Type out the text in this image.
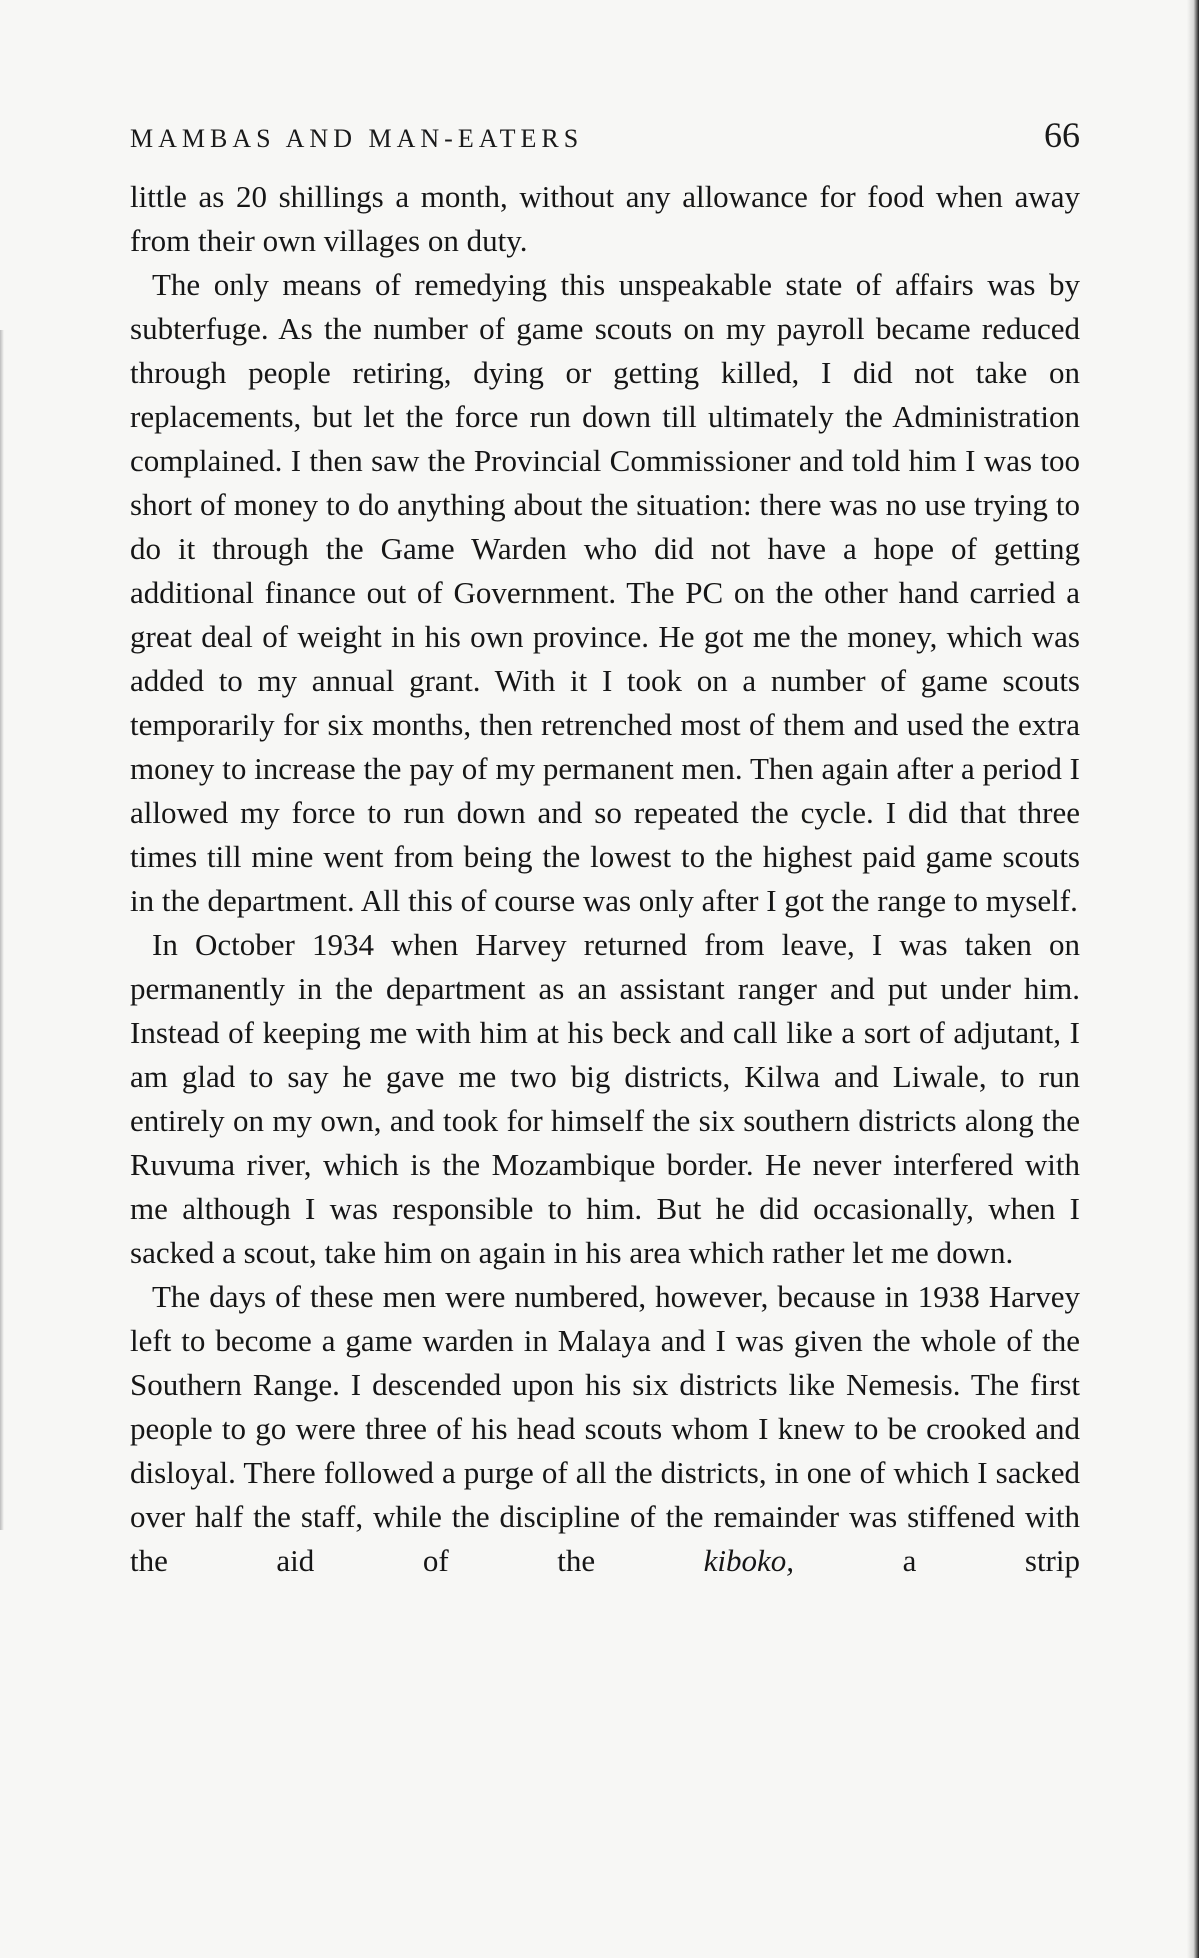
MAMBAS AND MAN-EATERS	66

little as 20 shillings a month, without any allowance for food when away from their own villages on duty.

The only means of remedying this unspeakable state of affairs was by subterfuge. As the number of game scouts on my payroll became reduced through people retiring, dying or getting killed, I did not take on replacements, but let the force run down till ultimately the Administration complained. I then saw the Provincial Commissioner and told him I was too short of money to do anything about the situation: there was no use trying to do it through the Game Warden who did not have a hope of getting additional finance out of Government. The PC on the other hand carried a great deal of weight in his own province. He got me the money, which was added to my annual grant. With it I took on a number of game scouts temporarily for six months, then retrenched most of them and used the extra money to increase the pay of my permanent men. Then again after a period I allowed my force to run down and so repeated the cycle. I did that three times till mine went from being the lowest to the highest paid game scouts in the department. All this of course was only after I got the range to myself.

In October 1934 when Harvey returned from leave, I was taken on permanently in the department as an assistant ranger and put under him. Instead of keeping me with him at his beck and call like a sort of adjutant, I am glad to say he gave me two big districts, Kilwa and Liwale, to run entirely on my own, and took for himself the six southern districts along the Ruvuma river, which is the Mozambique border. He never interfered with me although I was responsible to him. But he did occasionally, when I sacked a scout, take him on again in his area which rather let me down.

The days of these men were numbered, however, because in 1938 Harvey left to become a game warden in Malaya and I was given the whole of the Southern Range. I descended upon his six districts like Nemesis. The first people to go were three of his head scouts whom I knew to be crooked and disloyal. There followed a purge of all the districts, in one of which I sacked over half the staff, while the discipline of the remainder was stiffened with the aid of the kiboko, a strip
